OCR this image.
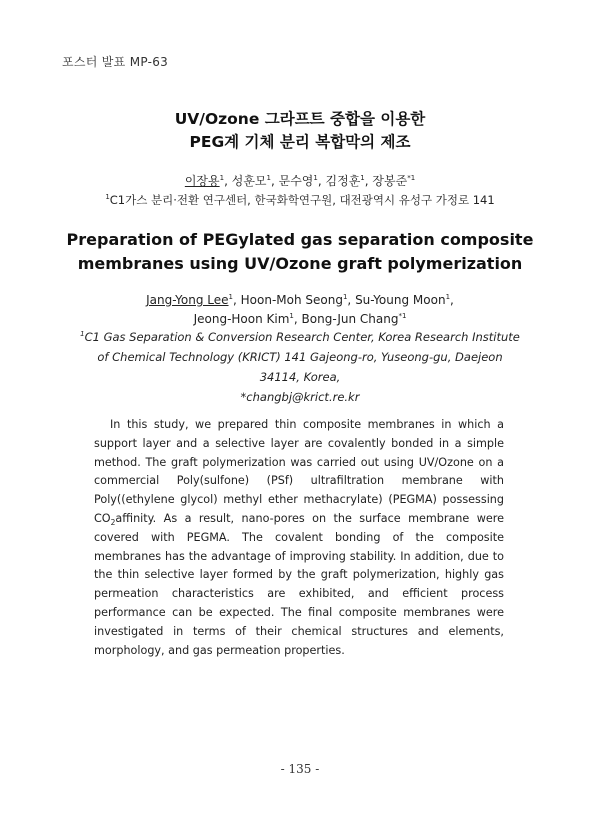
포스터 발표 MP-63
UV/Ozone 그라프트 중합을 이용한
PEG계 기체 분리 복합막의 제조
이장용$^1$, 성훈모$^1$, 문수영$^1$, 김정훈$^1$, 장봉준$^{*1}$
$^1$C1가스 분리·전환 연구센터, 한국화학연구원, 대전광역시 유성구 가정로 141
Preparation of PEGylated gas separation composite
membranes using UV/Ozone graft polymerization
Jang-Yong Lee$^1$, Hoon-Moh Seong$^1$, Su-Young Moon$^1$,
Jeong-Hoon Kim$^1$, Bong-Jun Chang$^{*1}$
$^1$C1 Gas Separation & Conversion Research Center, Korea Research Institute
of Chemical Technology (KRICT) 141 Gajeong-ro, Yuseong-gu, Daejeon
34114, Korea,
*changbj@krict.re.kr
In this study, we prepared thin composite membranes in which a support layer and a selective layer are covalently bonded in a simple method. The graft polymerization was carried out using UV/Ozone on a commercial Poly(sulfone) (PSf) ultrafiltration membrane with Poly((ethylene glycol) methyl ether methacrylate) (PEGMA) possessing $CO_2affinity$. As a result, nano-pores on the surface membrane were covered with PEGMA. The covalent bonding of the composite membranes has the advantage of improving stability. In addition, due to the thin selective layer formed by the graft polymerization, highly gas permeation characteristics are exhibited, and efficient process performance can be expected. The final composite membranes were investigated in terms of their chemical structures and elements, morphology, and gas permeation properties.
- 135 -
